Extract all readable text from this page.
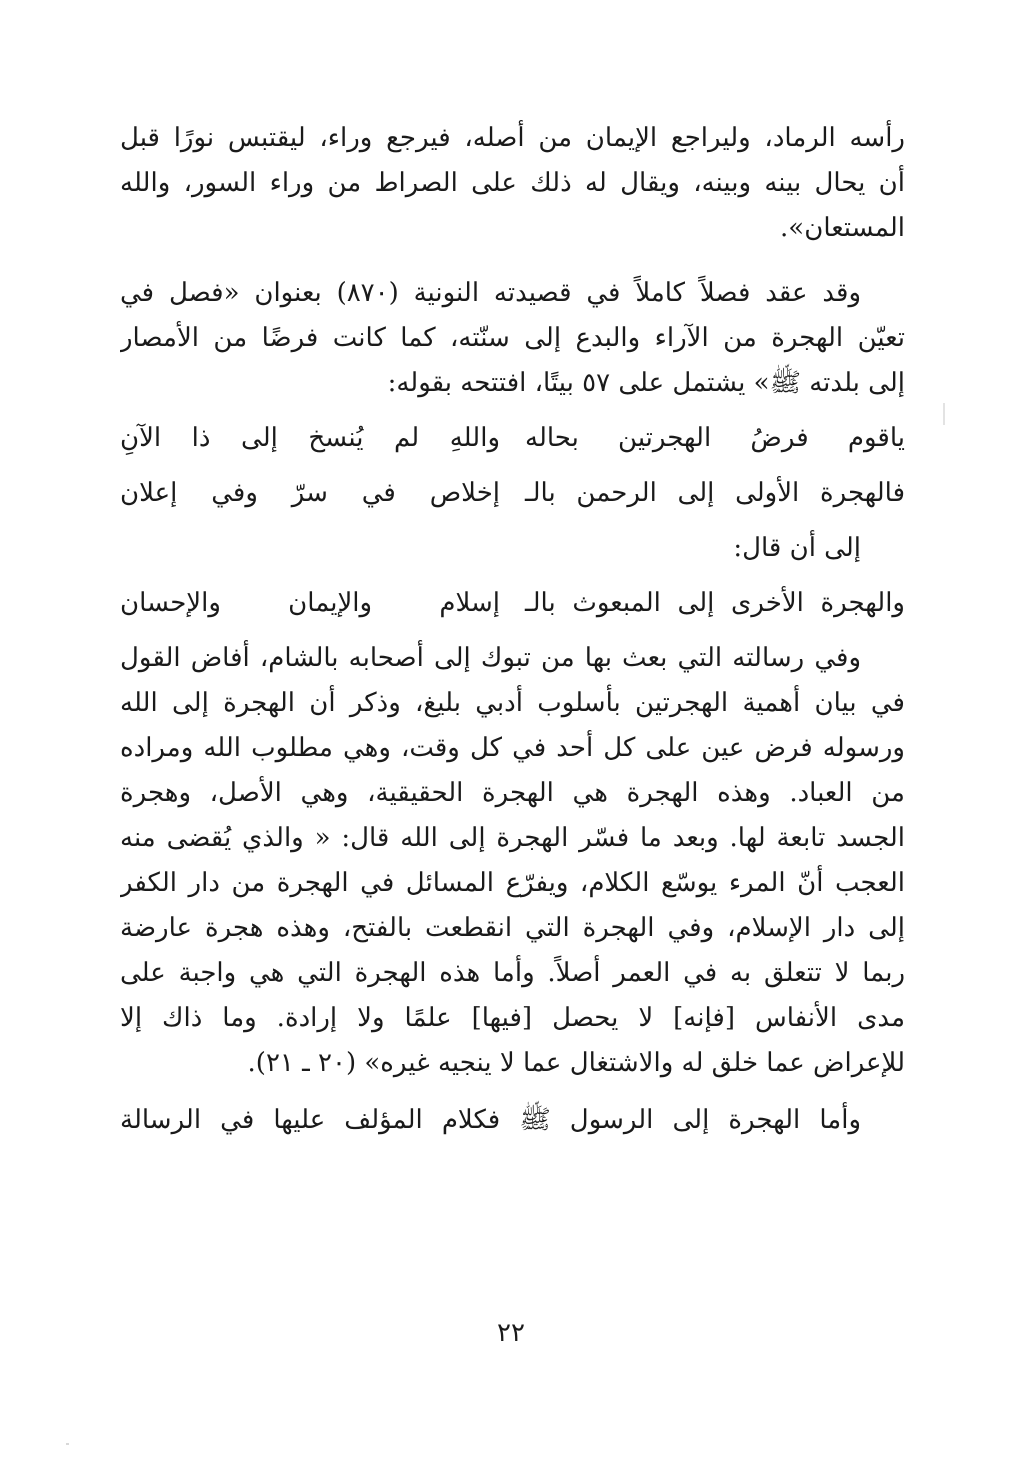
رأسه الرماد، وليراجع الإيمان من أصله، فيرجع وراء، ليقتبس نورًا قبل
أن يحال بينه وبينه، ويقال له ذلك على الصراط من وراء السور، والله
المستعان».

وقد عقد فصلاً كاملاً في قصيدته النونية (٨٧٠) بعنوان «فصل في
تعيّن الهجرة من الآراء والبدع إلى سنّته، كما كانت فرضًا من الأمصار
إلى بلدته ﷺ» يشتمل على ٥٧ بيتًا، افتتحه بقوله:

ياقوم فرضُ الهجرتين بحاله
واللهِ لم يُنسخ إلى ذا الآنِ
فالهجرة الأولى إلى الرحمن بالـ
إخلاص في سرّ وفي إعلان
إلى أن قال:
والهجرة الأخرى إلى المبعوث بالـ
إسلام والإيمان والإحسان

وفي رسالته التي بعث بها من تبوك إلى أصحابه بالشام، أفاض القول
في بيان أهمية الهجرتين بأسلوب أدبي بليغ، وذكر أن الهجرة إلى الله
ورسوله فرض عين على كل أحد في كل وقت، وهي مطلوب الله ومراده
من العباد. وهذه الهجرة هي الهجرة الحقيقية، وهي الأصل، وهجرة
الجسد تابعة لها. وبعد ما فسّر الهجرة إلى الله قال: « والذي يُقضى منه
العجب أنّ المرء يوسّع الكلام، ويفرّع المسائل في الهجرة من دار الكفر
إلى دار الإسلام، وفي الهجرة التي انقطعت بالفتح، وهذه هجرة عارضة
ربما لا تتعلق به في العمر أصلاً. وأما هذه الهجرة التي هي واجبة على
مدى الأنفاس [فإنه] لا يحصل [فيها] علمًا ولا إرادة. وما ذاك إلا
للإعراض عما خلق له والاشتغال عما لا ينجيه غيره» (٢٠ ـ ٢١).

وأما الهجرة إلى الرسول ﷺ فكلام المؤلف عليها في الرسالة

٢٢
